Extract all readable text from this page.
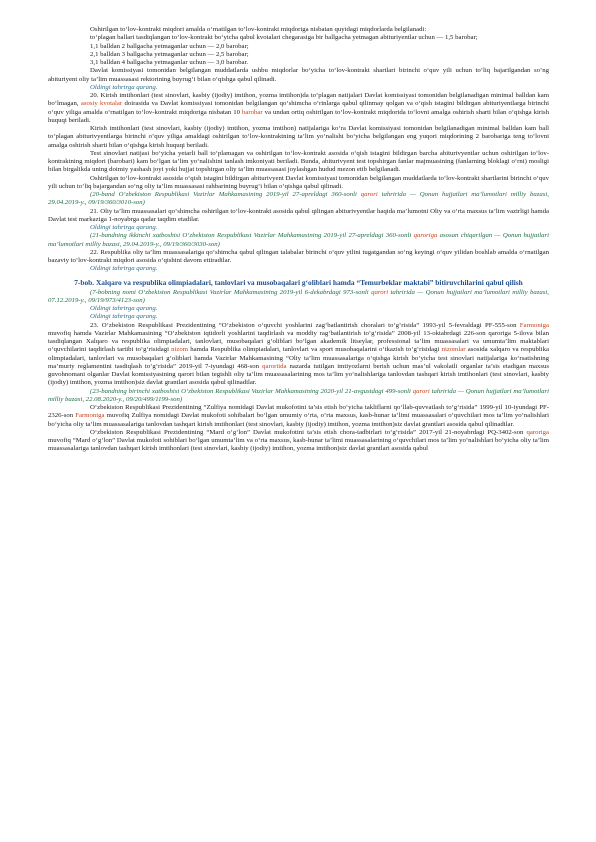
Oshirilgan to‘lov-kontrakt miqdori amalda o‘rnatilgan to‘lov-kontrakt miqdoriga nisbatan quyidagi miqdorlarda belgilanadi:

to‘plagan ballari tasdiqlangan to‘lov-kontrakt bo‘yicha qabul kvotalari chegarasiga bir ballgacha yetmagan abituriyentlar uchun — 1,5 barobar;

1,1 balldan 2 ballgacha yetmaganlar uchun — 2,0 barobar;

2,1 balldan 3 ballgacha yetmaganlar uchun — 2,5 barobar;

3,1 balldan 4 ballgacha yetmaganlar uchun — 3,0 barobar.

Davlat komissiyasi tomonidan belgilangan muddatlarda ushbu miqdorlar bo‘yicha to‘lov-kontrakt shartlari birinchi o‘quv yili uchun to‘liq bajarilgandan so‘ng abituriyent oliy ta’lim muassasasi rektorining buyrug‘i bilan o‘qishga qabul qilinadi.

Oldingi tahrirga qarang.

20. Kirish imtihonlari (test sinovlari, kasbiy (ijodiy) imtihon, yozma imtihon)da to‘plagan natijalari Davlat komissiyasi tomonidan belgilanadigan minimal balldan kam bo‘lmagan, asosiy kvotalar doirasida va Davlat komissiyasi tomonidan belgilangan qo‘shimcha o‘rinlarga qabul qilinmay qolgan va o‘qish istagini bildirgan abituriyentlarga birinchi o‘quv yiliga amalda o‘rnatilgan to‘lov-kontrakt miqdoriga nisbatan 10 barobar va undan ortiq oshirilgan to‘lov-kontrakt miqdorida to‘lovni amalga oshirish sharti bilan o‘qishga kirish huquqi beriladi.

Kirish imtihonlari (test sinovlari, kasbiy (ijodiy) imtihon, yozma imtihon) natijalariga ko‘ra Davlat komissiyasi tomonidan belgilanadigan minimal balldan kam ball to‘plagan abiturivyentlarga birinchi o‘quv yiliga amaldagi oshirilgan to‘lov-kontraktning ta’lim yo‘nalishi bo‘yicha belgilangan eng yuqori miqdorining 2 barobariga teng to‘lovni amalga oshirish sharti bilan o‘qishga kirish huquqi beriladi.

Test sinovlari natijasi bo‘yicha yetarli ball to‘plamagan va oshirilgan to‘lov-kontrakt asosida o‘qish istagini bildirgan barcha abiturivyentlar uchun oshirilgan to‘lov-kontraktning miqdori (barobari) kam bo‘lgan ta’lim yo‘nalishini tanlash imkoniyati beriladi. Bunda, abiturivyent test topshirgan fanlar majmuasining (fanlarning bloklagi o‘rni) mosligi bilan birgalikda uning doimiy yashash joyi yoki hujjat topshirgan oliy ta’lim muassasasi joylashgan hudud mezon etib belgilanadi.

Oshirilgan to‘lov-kontrakt asosida o‘qish istagini bildirgan abiturivyent Davlat komissiyasi tomonidan belgilangan muddatlarda to‘lov-kontrakt shartlarini birinchi o‘quv yili uchun to‘liq bajargandan so‘ng oliy ta’lim muassasasi rahbarining buyrug‘i bilan o‘qishga qabul qilinadi.

(20-band O‘zbekiston Respublikasi Vazirlar Mahkamasining 2019-yil 27-apreldagi 360-sonli qarori tahririda — Qonun hujjatlari ma’lumotlari milliy bazasi, 29.04.2019-y., 09/19/360/3010-son)

21. Oliy ta’lim muassasalari qo‘shimcha oshirilgan to‘lov-kontrakt asosida qabul qilingan abiturivyentlar haqida ma’lumotni Oliy va o‘rta maxsus ta’lim vazirligi hamda Davlat test markaziga 1-noyabrga qadar taqdim etadilar.

Oldingi tahrirga qarang.

(21-bandning ikkinchi xatboshisi O‘zbekiston Respublikasi Vazirlar Mahkamasining 2019-yil 27-apreldagi 360-sonli qaroriga asosan chiqarilgan — Qonun hujjatlari ma’lumotlari milliy bazasi, 29.04.2019-y., 09/19/360/3030-son)

22. Respublika oliy ta’lim muassasalariga qo‘shimcha qabul qilingan talabalar birinchi o‘quv yilini tugatgandan so‘ng keyingi o‘quv yilidan boshlab amalda o‘rnatilgan bazaviy to‘lov-kontrakt miqdori asosida o‘qishini davom ettiradilar.

Oldingi tahrirga qarang.

7-bob. Xalqaro va respublika olimpiadalari, tanlovlari va musobaqalari g‘oliblari hamda “Temurbeklar maktabi” bitiruvchilarini qabul qilish

(7-bobning nomi O‘zbekiston Respublikasi Vazirlar Mahkamasining 2019-yil 6-dekabrdagi 973-sonli qarori tahririda — Qonun hujjatlari ma’lumotlari milliy bazasi, 07.12.2019-y., 09/19/973/4123-son)

Oldingi tahrirga qarang.

Oldingi tahrirga qarang.

23. O‘zbekiston Respublikasi Prezidentining “O‘zbekiston o‘quvchi yoshlarini zag‘batlantirish choralari to‘g‘risida” 1993-yil 5-fevraldagi PF-555-son Farmoniga muvofiq hamda Vazirlar Mahkamasining “O‘zbekiston iqtidorli yoshlarini taqdirlash va moddiy rag‘batlantirish to‘g‘risida” 2008-yil 13-oktabrdagi 226-son qaroriga 5-ilova bilan tasdiqlangan Xalqaro va respublika olimpiadalari, tanlovlari, musobaqalari g‘oliblari bo‘lgan akademik litseylar, professional ta’lim muassasalari va umumta’lim maktablari o‘quvchilarini taqdirlash tartibi to‘g‘risidagi nizom hamda Respublika olimpiadalari, tanlovlari va sport musobaqalarini o‘tkazish to‘g‘risidagi nizomlar asosida xalqaro va respublika olimpiadalari, tanlovlari va musobaqalari g‘oliblari hamda Vazirlar Mahkamasining “Oliy ta’lim muassasalariga o‘qishga kirish bo‘yicha test sinovlari natijalariga ko‘rsatishning ma’muriy reglamentini tasdiqlash to‘g‘risida” 2019-yil 7-iyundagi 468-son qaroriida nazarda tutilgan imtiyozlarni berish uchun mas’ul vakolatli organlar ta’sis etadigan maxsus guvohnomani olganlar Davlat komissiyasining qarori bilan tegishli oliy ta’lim muassasalarining mos ta’lim yo‘nalishlariga tanlovdan tashqari kirish imtihonlari (test sinovlari, kasbiy (ijodiy) imtihon, yozma imtihon)siz davlat grantlari asosida qabul qilinadilar.

(23-bandning birinchi xatboshisi O‘zbekiston Respublikasi Vazirlar Mahkamasining 2020-yil 21-avgustdagi 499-sonli qarori tahririda — Qonun hujjatlari ma’lumotlari milliy bazasi, 22.08.2020-y., 09/20/499/1199-son)

O‘zbekiston Respublikasi Prezidentining “Zulfiya nomidagi Davlat mukofotini ta’sis etish bo‘yicha takliflarni qo‘llab-quvvatlash to‘g‘risida” 1999-yil 10-iyundagi PF-2326-son Farmoniga muvofiq Zulfiya nomidagi Davlat mukofoti sohibalari bo‘lgan umumiy o‘rta, o‘rta maxsus, kasb-hunar ta’limi muassasalari o‘quvchilari mos ta’lim yo‘nalishlari bo‘yicha oliy ta’lim muassasalariga tanlovdan tashqari kirish imtihonlari (test sinovlari, kasbiy (ijodiy) imtihon, yozma imtihon)siz davlat grantlari asosida qabul qilinadilar.

O‘zbekiston Respublikasi Prezidentining “Mard o‘g‘lon” Davlat mukofotini ta’sis etish chora-tadbirlari to‘g‘risida” 2017-yil 21-noyabrdagi PQ-3402-son qaroriga muvofiq “Mard o‘g‘lon” Davlat mukofoti sohiblari bo‘lgan umumta’lim va o‘rta maxsus, kasb-hunar ta’limi muassasalarining o‘quvchilari mos ta’lim yo‘nalishlari bo‘yicha oliy ta’lim muassasalariga tanlovdan tashqari kirish imtihonlari (test sinovlari, kasbiy (ijodiy) imtihon, yozma imtihon)siz davlat grantlari asosida qabul
